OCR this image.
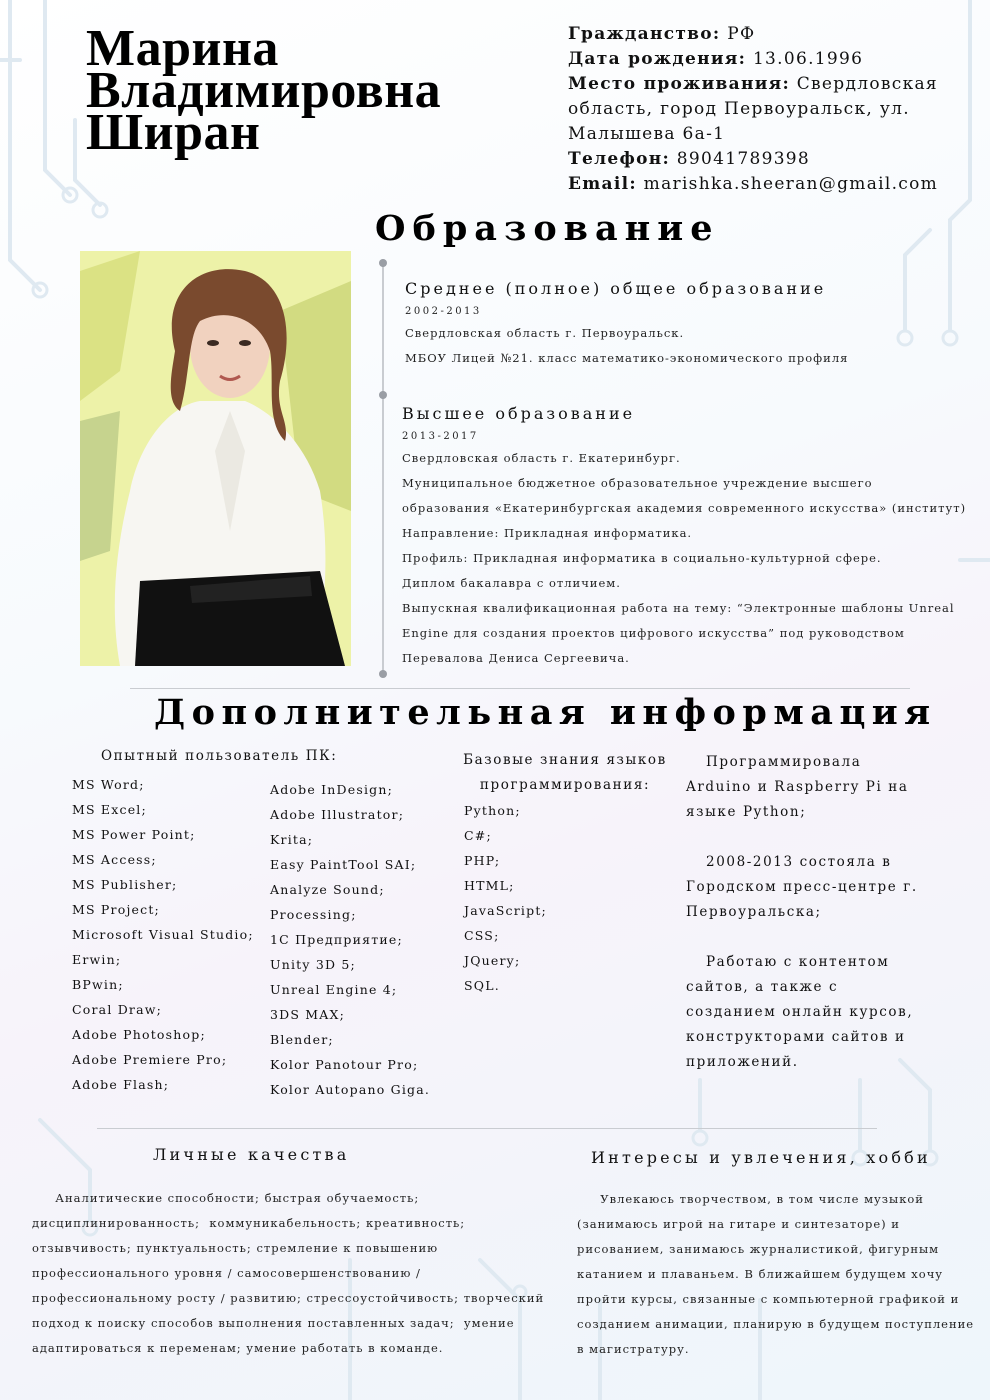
Марина
Владимировна
Ширан
Гражданство: РФ
Дата рождения: 13.06.1996
Место проживания: Свердловская
область, город Первоуральск, ул.
Малышева 6а-1
Телефон: 89041789398
Email: marishka.sheeran@gmail.com
Образование
Среднее (полное) общее образование
2002-2013
Свердловская область г. Первоуральск.
МБОУ Лицей №21. класс математико-экономического профиля
Высшее образование
2013-2017
Свердловская область г. Екатеринбург.
Муниципальное бюджетное образовательное учреждение высшего
образования «Екатеринбургская академия современного искусства» (институт)
Направление: Прикладная информатика.
Профиль: Прикладная информатика в социально-культурной сфере.
Диплом бакалавра с отличием.
Выпускная квалификационная работа на тему: “Электронные шаблоны Unreal
Engine для создания проектов цифрового искусства” под руководством
Перевалова Дениса Сергеевича.
Дополнительная информация
Опытный пользователь ПК:
MS Word;
MS Excel;
MS Power Point;
MS Access;
MS Publisher;
MS Project;
Microsoft Visual Studio;
Erwin;
BPwin;
Coral Draw;
Adobe Photoshop;
Adobe Premiere Pro;
Adobe Flash;
Adobe InDesign;
Adobe Illustrator;
Krita;
Easy PaintTool SAI;
Analyze Sound;
Processing;
1C Предприятие;
Unity 3D 5;
Unreal Engine 4;
3DS MAX;
Blender;
Kolor Panotour Pro;
Kolor Autopano Giga.
Базовые знания языков программирования:
Python;
C#;
PHP;
HTML;
JavaScript;
CSS;
JQuery;
SQL.

Программировала Arduino и Raspberry Pi на языке Python;

2008-2013 состояла в Городском пресс-центре г. Первоуральска;

Работаю с контентом сайтов, а также с созданием онлайн курсов, конструкторами сайтов и приложений.

Личные качества
Аналитические способности; быстрая обучаемость;
дисциплинированность;  коммуникабельность; креативность;
отзывчивость; пунктуальность; стремление к повышению
профессионального уровня / самосовершенствованию /
профессиональному росту / развитию; стрессоустойчивость; творческий
подход к поиску способов выполнения поставленных задач;  умение
адаптироваться к переменам; умение работать в команде.
Интересы и увлечения, хобби
Увлекаюсь творчеством, в том числе музыкой
(занимаюсь игрой на гитаре и синтезаторе) и
рисованием, занимаюсь журналистикой, фигурным
катанием и плаваньем. В ближайшем будущем хочу
пройти курсы, связанные с компьютерной графикой и
созданием анимации, планирую в будущем поступление
в магистратуру.
